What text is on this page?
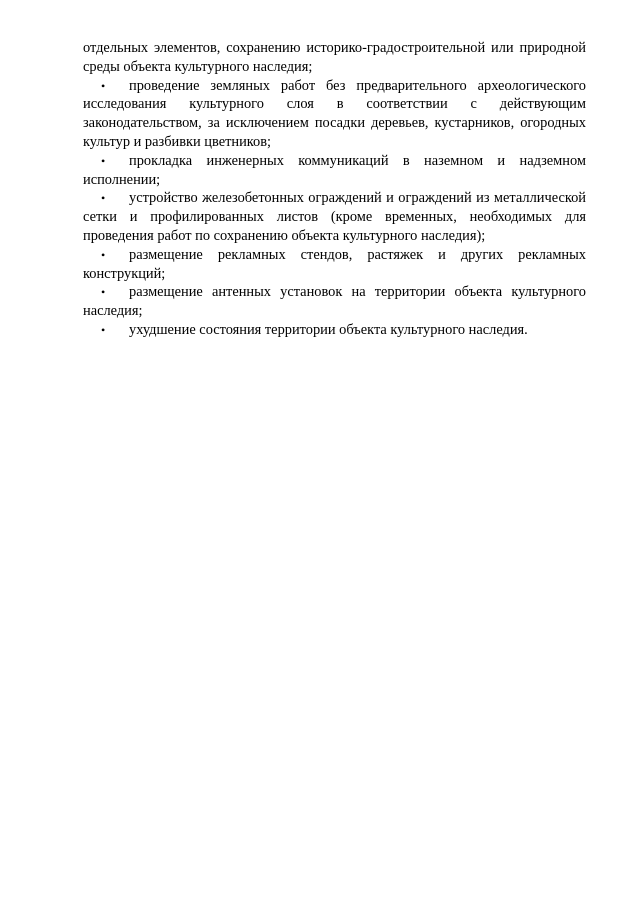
отдельных элементов, сохранению историко-градостроительной или природной среды объекта культурного наследия;

• проведение земляных работ без предварительного археологического исследования культурного слоя в соответствии с действующим законодательством, за исключением посадки деревьев, кустарников, огородных культур и разбивки цветников;
• прокладка инженерных коммуникаций в наземном и надземном исполнении;
• устройство железобетонных ограждений и ограждений из металлической сетки и профилированных листов (кроме временных, необходимых для проведения работ по сохранению объекта культурного наследия);
• размещение рекламных стендов, растяжек и других рекламных конструкций;
• размещение антенных установок на территории объекта культурного наследия;
• ухудшение состояния территории объекта культурного наследия.
